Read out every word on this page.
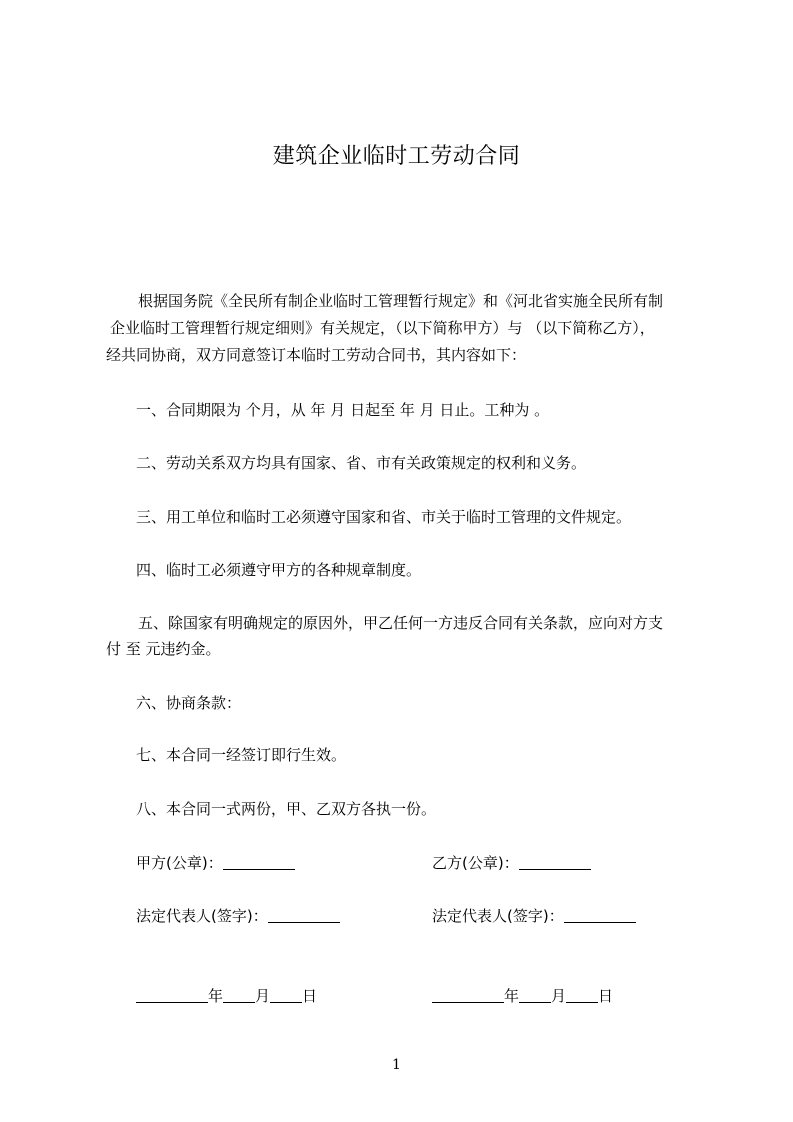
建筑企业临时工劳动合同
根据国务院《全民所有制企业临时工管理暂行规定》和《河北省实施全民所有制
企业临时工管理暂行规定细则》有关规定，（以下简称甲方）与 （以下简称乙方），
经共同协商，双方同意签订本临时工劳动合同书，其内容如下：
一、合同期限为 个月，从 年 月 日起至 年 月 日止。工种为 。
二、劳动关系双方均具有国家、省、市有关政策规定的权利和义务。
三、用工单位和临时工必须遵守国家和省、市关于临时工管理的文件规定。
四、临时工必须遵守甲方的各种规章制度。
五、除国家有明确规定的原因外，甲乙任何一方违反合同有关条款，应向对方支
付 至 元违约金。
六、协商条款：
七、本合同一经签订即行生效。
八、本合同一式两份，甲、乙双方各执一份。
甲方(公章)：	乙方(公章)：
法定代表人(签字)：	法定代表人(签字)：
年 月 日	年 月 日
1
